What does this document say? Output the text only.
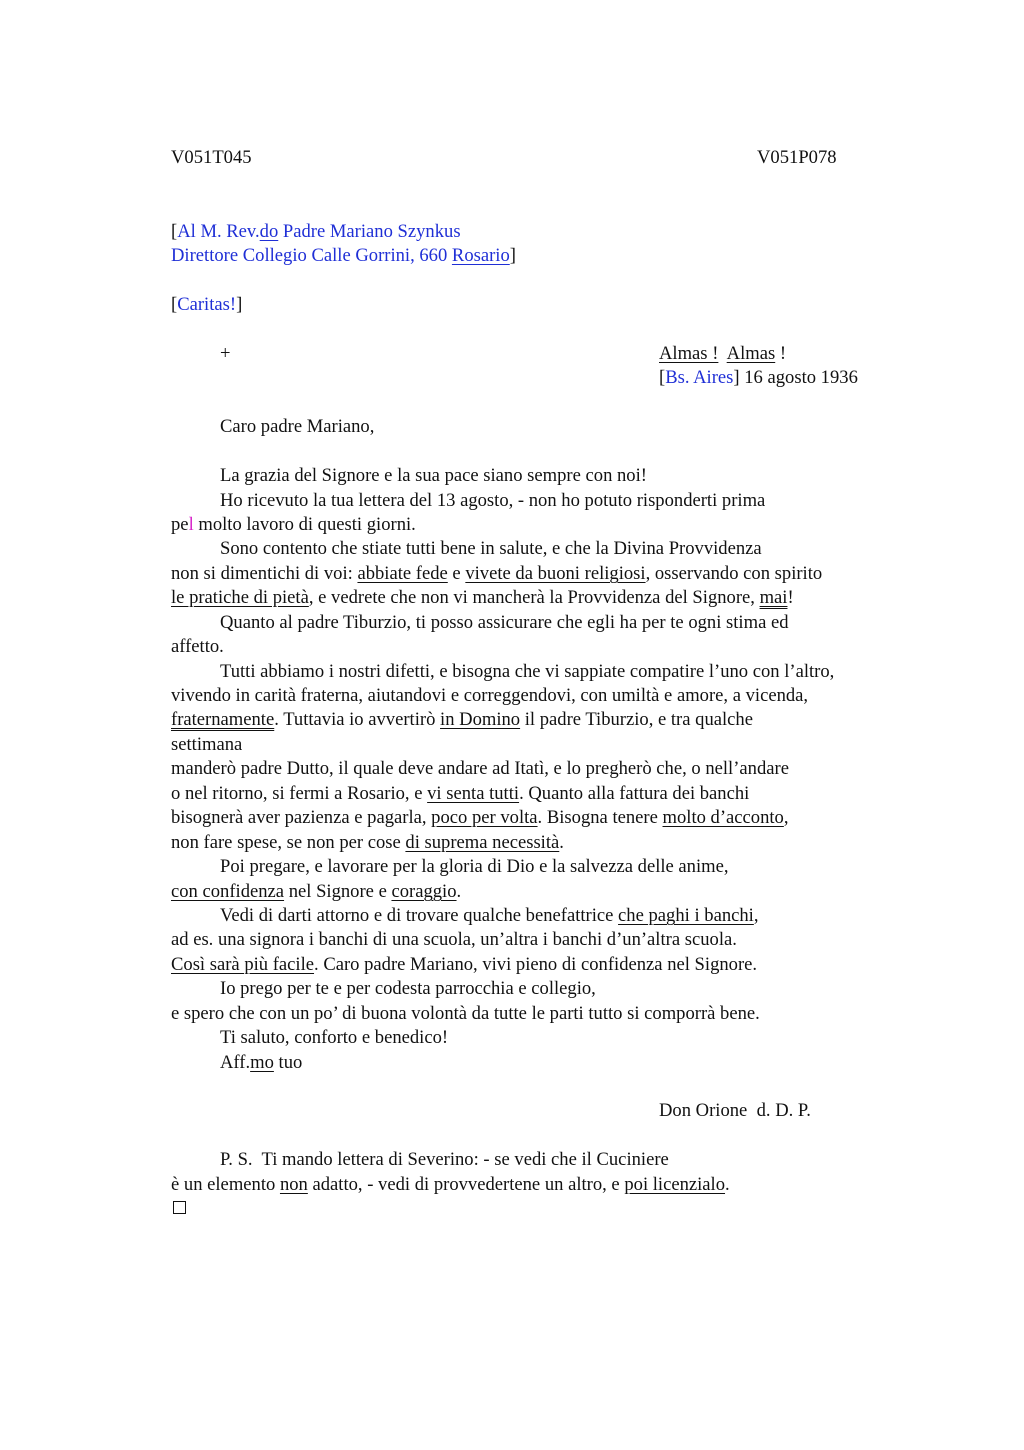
V051T045	V051P078
[Al M. Rev.do Padre Mariano Szynkus
Direttore Collegio Calle Gorrini, 660 Rosario]
[Caritas!]
+	Almas ! Almas !
[Bs. Aires] 16 agosto 1936
Caro padre Mariano,
La grazia del Signore e la sua pace siano sempre con noi!
Ho ricevuto la tua lettera del 13 agosto, - non ho potuto risponderti prima
pel molto lavoro di questi giorni.
Sono contento che stiate tutti bene in salute, e che la Divina Provvidenza
non si dimentichi di voi: abbiate fede e vivete da buoni religiosi, osservando con spirito
le pratiche di pietà, e vedrete che non vi mancherà la Provvidenza del Signore, mai!
Quanto al padre Tiburzio, ti posso assicurare che egli ha per te ogni stima ed
affetto.
Tutti abbiamo i nostri difetti, e bisogna che vi sappiate compatire l’uno con l’altro,
vivendo in carità fraterna, aiutandovi e correggendovi, con umiltà e amore, a vicenda,
fraternamente. Tuttavia io avvertirò in Domino il padre Tiburzio, e tra qualche
settimana
manderò padre Dutto, il quale deve andare ad Itatì, e lo pregherò che, o nell’andare
o nel ritorno, si fermi a Rosario, e vi senta tutti. Quanto alla fattura dei banchi
bisognerà aver pazienza e pagarla, poco per volta. Bisogna tenere molto d’acconto,
non fare spese, se non per cose di suprema necessità.
Poi pregare, e lavorare per la gloria di Dio e la salvezza delle anime,
con confidenza nel Signore e coraggio.
Vedi di darti attorno e di trovare qualche benefattrice che paghi i banchi,
ad es. una signora i banchi di una scuola, un’altra i banchi d’un’altra scuola.
Così sarà più facile. Caro padre Mariano, vivi pieno di confidenza nel Signore.
Io prego per te e per codesta parrocchia e collegio,
e spero che con un po’ di buona volontà da tutte le parti tutto si comporrà bene.
Ti saluto, conforto e benedico!
Aff.mo tuo
Don Orione  d. D. P.
P. S.  Ti mando lettera di Severino: - se vedi che il Cuciniere
è un elemento non adatto, - vedi di provvedertene un altro, e poi licenzialo.
